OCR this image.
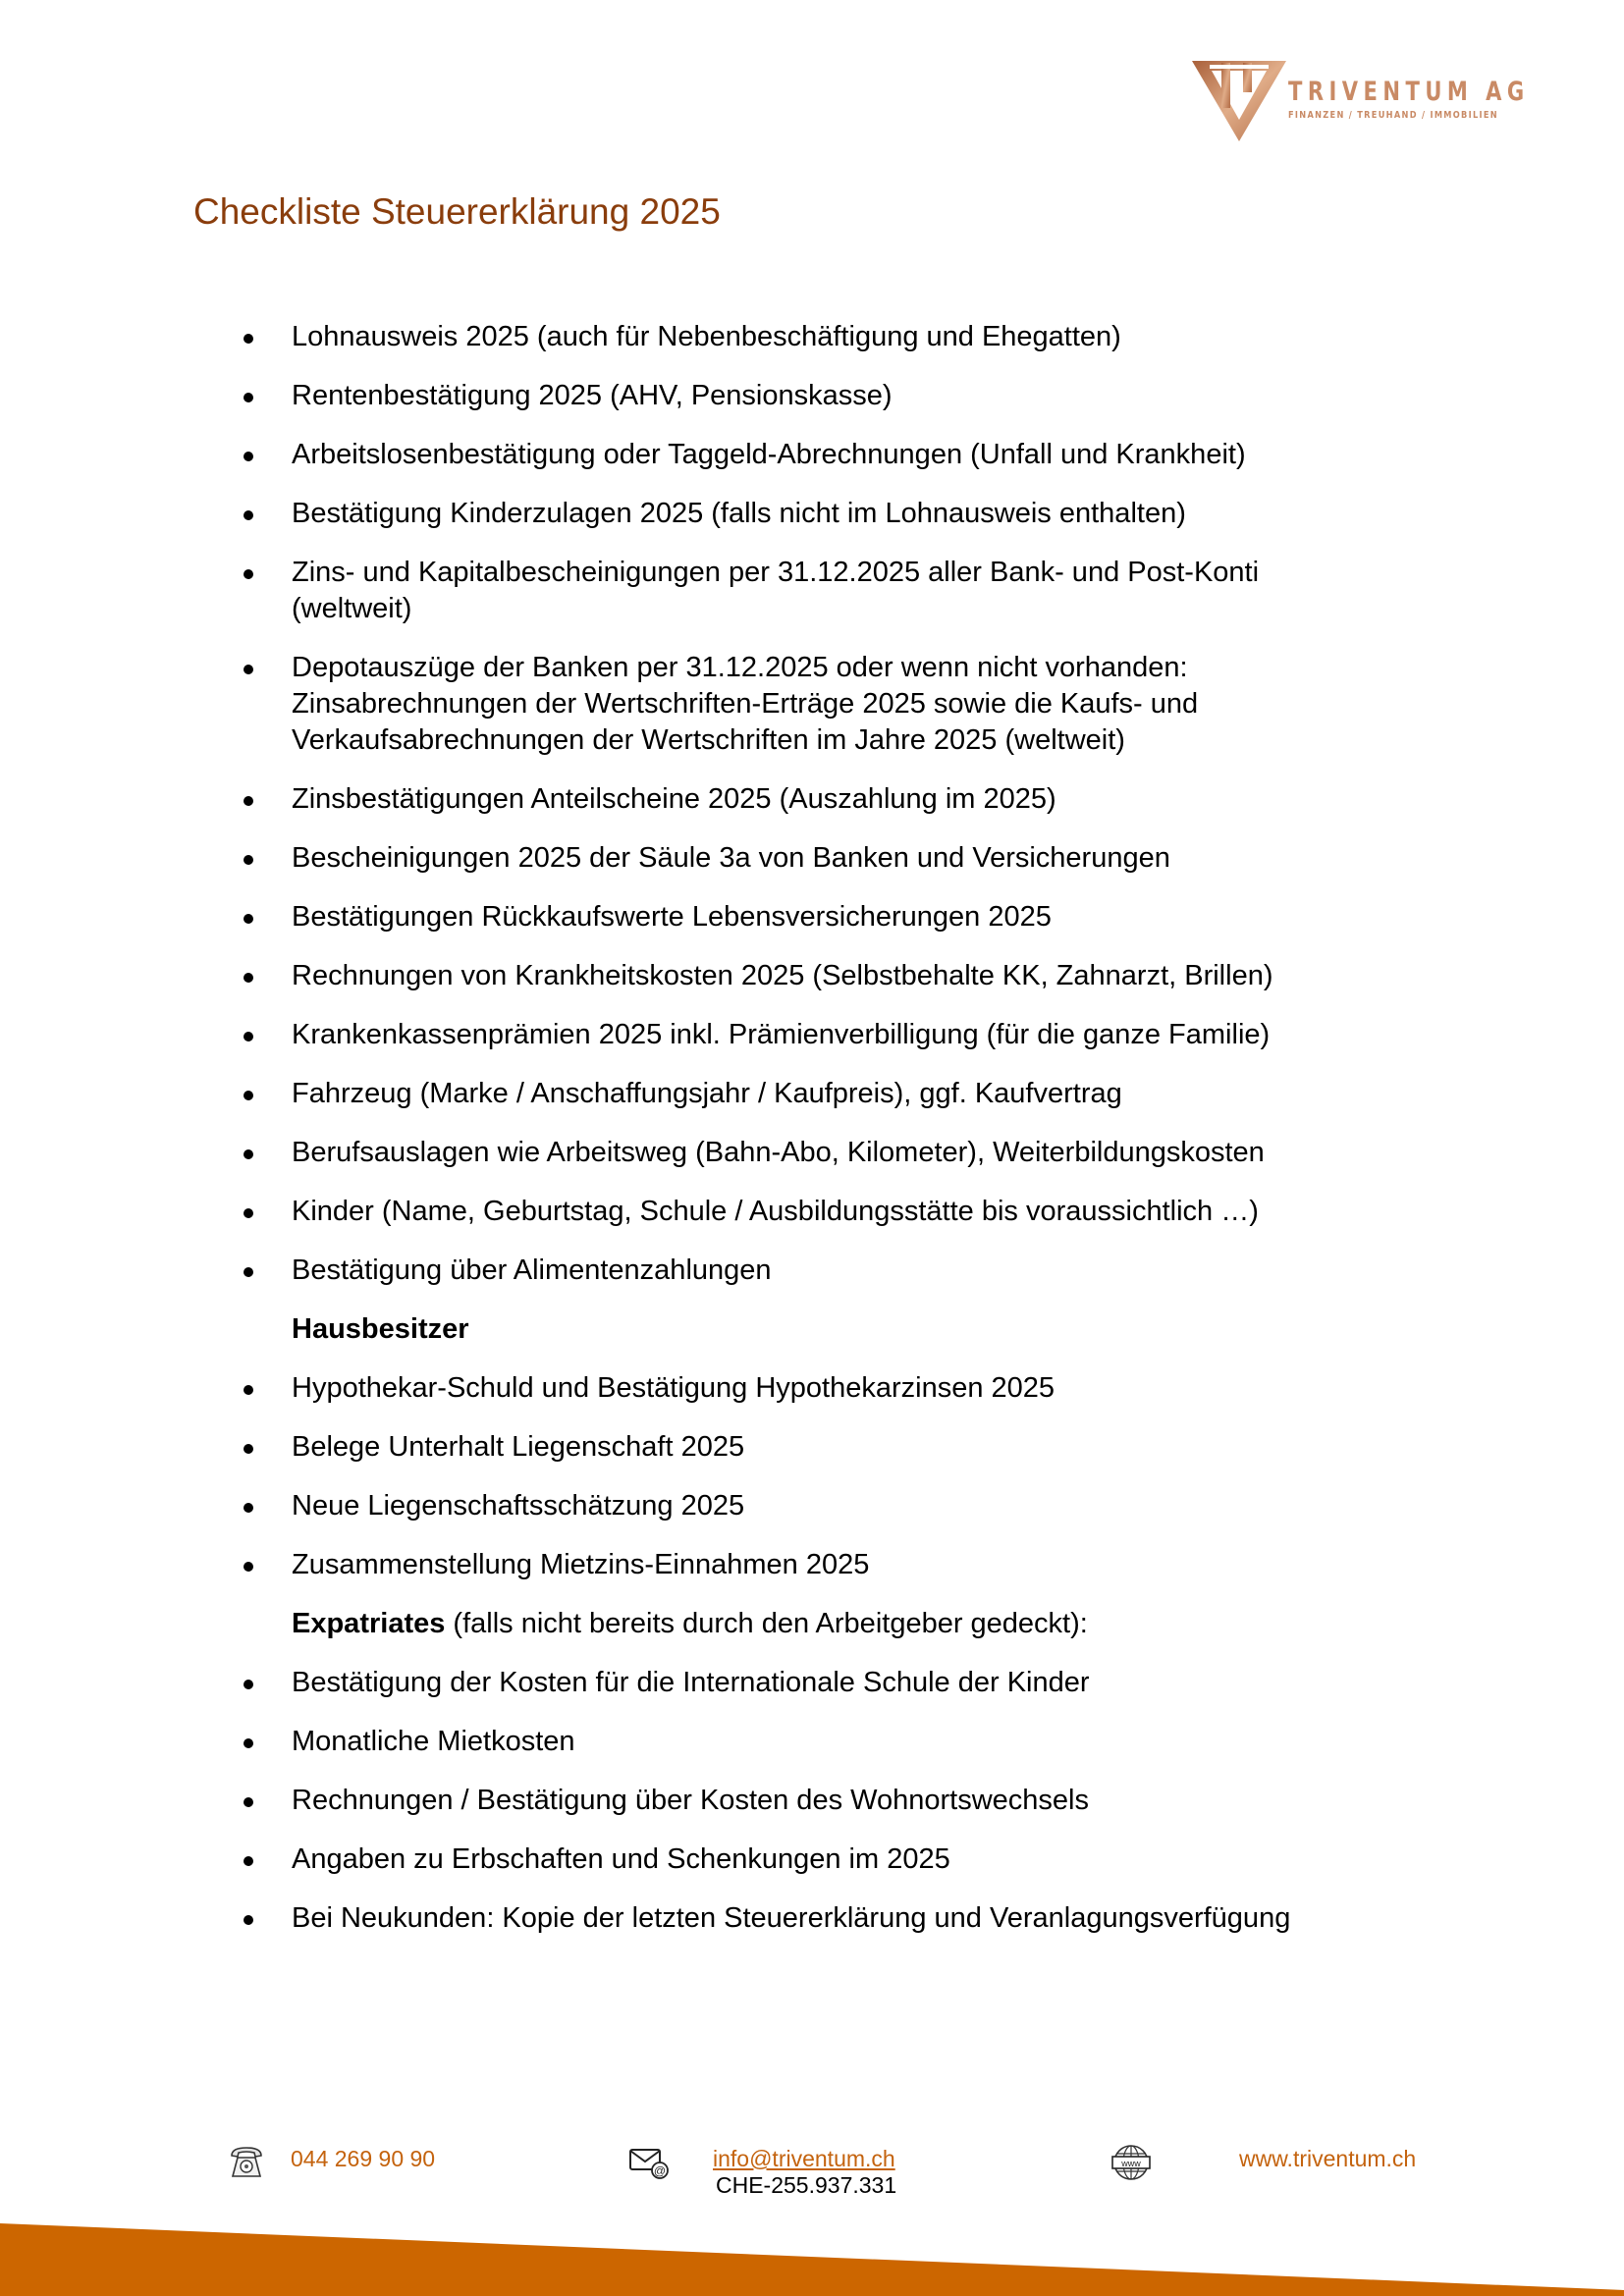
TRIVENTUM AG
FINANZEN / TREUHAND / IMMOBILIEN
Checkliste Steuererklärung 2025
Lohnausweis 2025 (auch für Nebenbeschäftigung und Ehegatten)
Rentenbestätigung 2025 (AHV, Pensionskasse)
Arbeitslosenbestätigung oder Taggeld-Abrechnungen (Unfall und Krankheit)
Bestätigung Kinderzulagen 2025 (falls nicht im Lohnausweis enthalten)
Zins- und Kapitalbescheinigungen per 31.12.2025 aller Bank- und Post-Konti (weltweit)
Depotauszüge der Banken per 31.12.2025 oder wenn nicht vorhanden: Zinsabrechnungen der Wertschriften-Erträge 2025 sowie die Kaufs- und Verkaufsabrechnungen der Wertschriften im Jahre 2025 (weltweit)
Zinsbestätigungen Anteilscheine 2025 (Auszahlung im 2025)
Bescheinigungen 2025 der Säule 3a von Banken und Versicherungen
Bestätigungen Rückkaufswerte Lebensversicherungen 2025
Rechnungen von Krankheitskosten 2025 (Selbstbehalte KK, Zahnarzt, Brillen)
Krankenkassenprämien 2025 inkl. Prämienverbilligung (für die ganze Familie)
Fahrzeug (Marke / Anschaffungsjahr / Kaufpreis), ggf. Kaufvertrag
Berufsauslagen wie Arbeitsweg (Bahn-Abo, Kilometer), Weiterbildungskosten
Kinder (Name, Geburtstag, Schule / Ausbildungsstätte bis voraussichtlich …)
Bestätigung über Alimentenzahlungen
Hausbesitzer
Hypothekar-Schuld und Bestätigung Hypothekarzinsen 2025
Belege Unterhalt Liegenschaft 2025
Neue Liegenschaftsschätzung 2025
Zusammenstellung Mietzins-Einnahmen 2025
Expatriates (falls nicht bereits durch den Arbeitgeber gedeckt):
Bestätigung der Kosten für die Internationale Schule der Kinder
Monatliche Mietkosten
Rechnungen / Bestätigung über Kosten des Wohnortswechsels
Angaben zu Erbschaften und Schenkungen im 2025
Bei Neukunden: Kopie der letzten Steuererklärung und Veranlagungsverfügung
044 269 90 90	@ info@triventum.ch
CHE-255.937.331
www	www.triventum.ch
